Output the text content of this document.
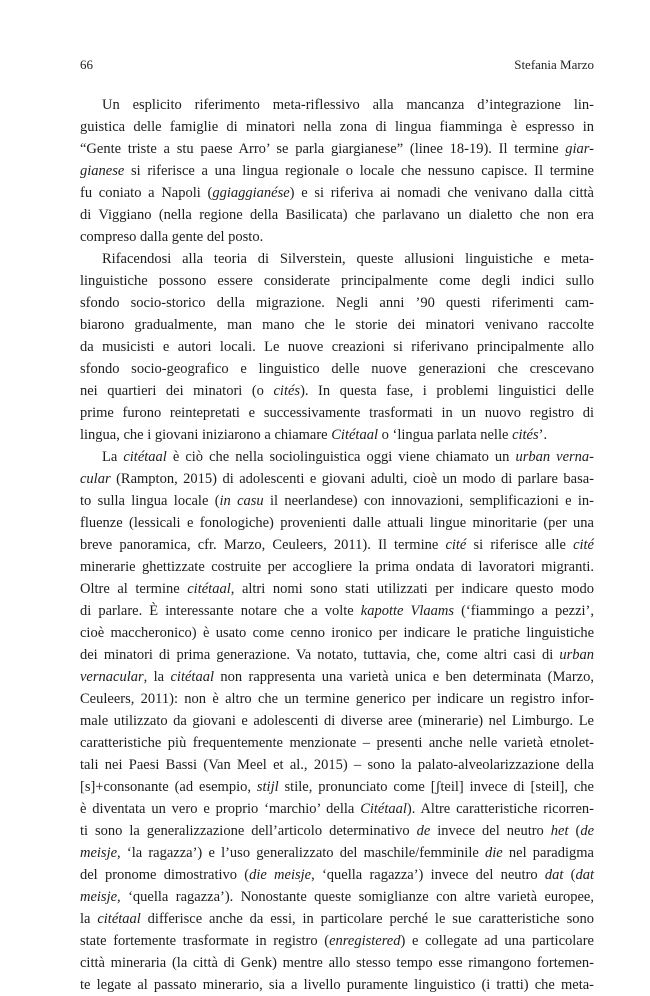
66	Stefania Marzo
Un esplicito riferimento meta-riflessivo alla mancanza d’integrazione lin-
guistica delle famiglie di minatori nella zona di lingua fiamminga è espresso in
“Gente triste a stu paese Arro’ se parla giargianese” (linee 18-19). Il termine giar-
gianese si riferisce a una lingua regionale o locale che nessuno capisce. Il termine
fu coniato a Napoli (ggiaggianése) e si riferiva ai nomadi che venivano dalla città
di Viggiano (nella regione della Basilicata) che parlavano un dialetto che non era
compreso dalla gente del posto.
Rifacendosi alla teoria di Silverstein, queste allusioni linguistiche e meta-
linguistiche possono essere considerate principalmente come degli indici sullo
sfondo socio-storico della migrazione. Negli anni ’90 questi riferimenti cam-
biarono gradualmente, man mano che le storie dei minatori venivano raccolte
da musicisti e autori locali. Le nuove creazioni si riferivano principalmente allo
sfondo socio-geografico e linguistico delle nuove generazioni che crescevano
nei quartieri dei minatori (o cités). In questa fase, i problemi linguistici delle
prime furono reintepretati e successivamente trasformati in un nuovo registro di
lingua, che i giovani iniziarono a chiamare Citétaal o ‘lingua parlata nelle cités’.
La citétaal è ciò che nella sociolinguistica oggi viene chiamato un urban verna-
cular (Rampton, 2015) di adolescenti e giovani adulti, cioè un modo di parlare basa-
to sulla lingua locale (in casu il neerlandese) con innovazioni, semplificazioni e in-
fluenze (lessicali e fonologiche) provenienti dalle attuali lingue minoritarie (per una
breve panoramica, cfr. Marzo, Ceuleers, 2011). Il termine cité si riferisce alle cité
minerarie ghettizzate costruite per accogliere la prima ondata di lavoratori migranti.
Oltre al termine citétaal, altri nomi sono stati utilizzati per indicare questo modo
di parlare. È interessante notare che a volte kapotte Vlaams (‘fiammingo a pezzi’,
cioè maccheronico) è usato come cenno ironico per indicare le pratiche linguistiche
dei minatori di prima generazione. Va notato, tuttavia, che, come altri casi di urban
vernacular, la citétaal non rappresenta una varietà unica e ben determinata (Marzo,
Ceuleers, 2011): non è altro che un termine generico per indicare un registro infor-
male utilizzato da giovani e adolescenti di diverse aree (minerarie) nel Limburgo. Le
caratteristiche più frequentemente menzionate – presenti anche nelle varietà etnolet-
tali nei Paesi Bassi (Van Meel et al., 2015) – sono la palato-alveolarizzazione della
[s]+consonante (ad esempio, stijl stile, pronunciato come [ʃteil] invece di [steil], che
è diventata un vero e proprio ‘marchio’ della Citétaal). Altre caratteristiche ricorren-
ti sono la generalizzazione dell’articolo determinativo de invece del neutro het (de
meisje, ‘la ragazza’) e l’uso generalizzato del maschile/femminile die nel paradigma
del pronome dimostrativo (die meisje, ‘quella ragazza’) invece del neutro dat (dat
meisje, ‘quella ragazza’). Nonostante queste somiglianze con altre varietà europee,
la citétaal differisce anche da essi, in particolare perché le sue caratteristiche sono
state fortemente trasformate in registro (enregistered) e collegate ad una particolare
città mineraria (la città di Genk) mentre allo stesso tempo esse rimangono fortemen-
te legate al passato minerario, sia a livello puramente linguistico (i tratti) che meta-
